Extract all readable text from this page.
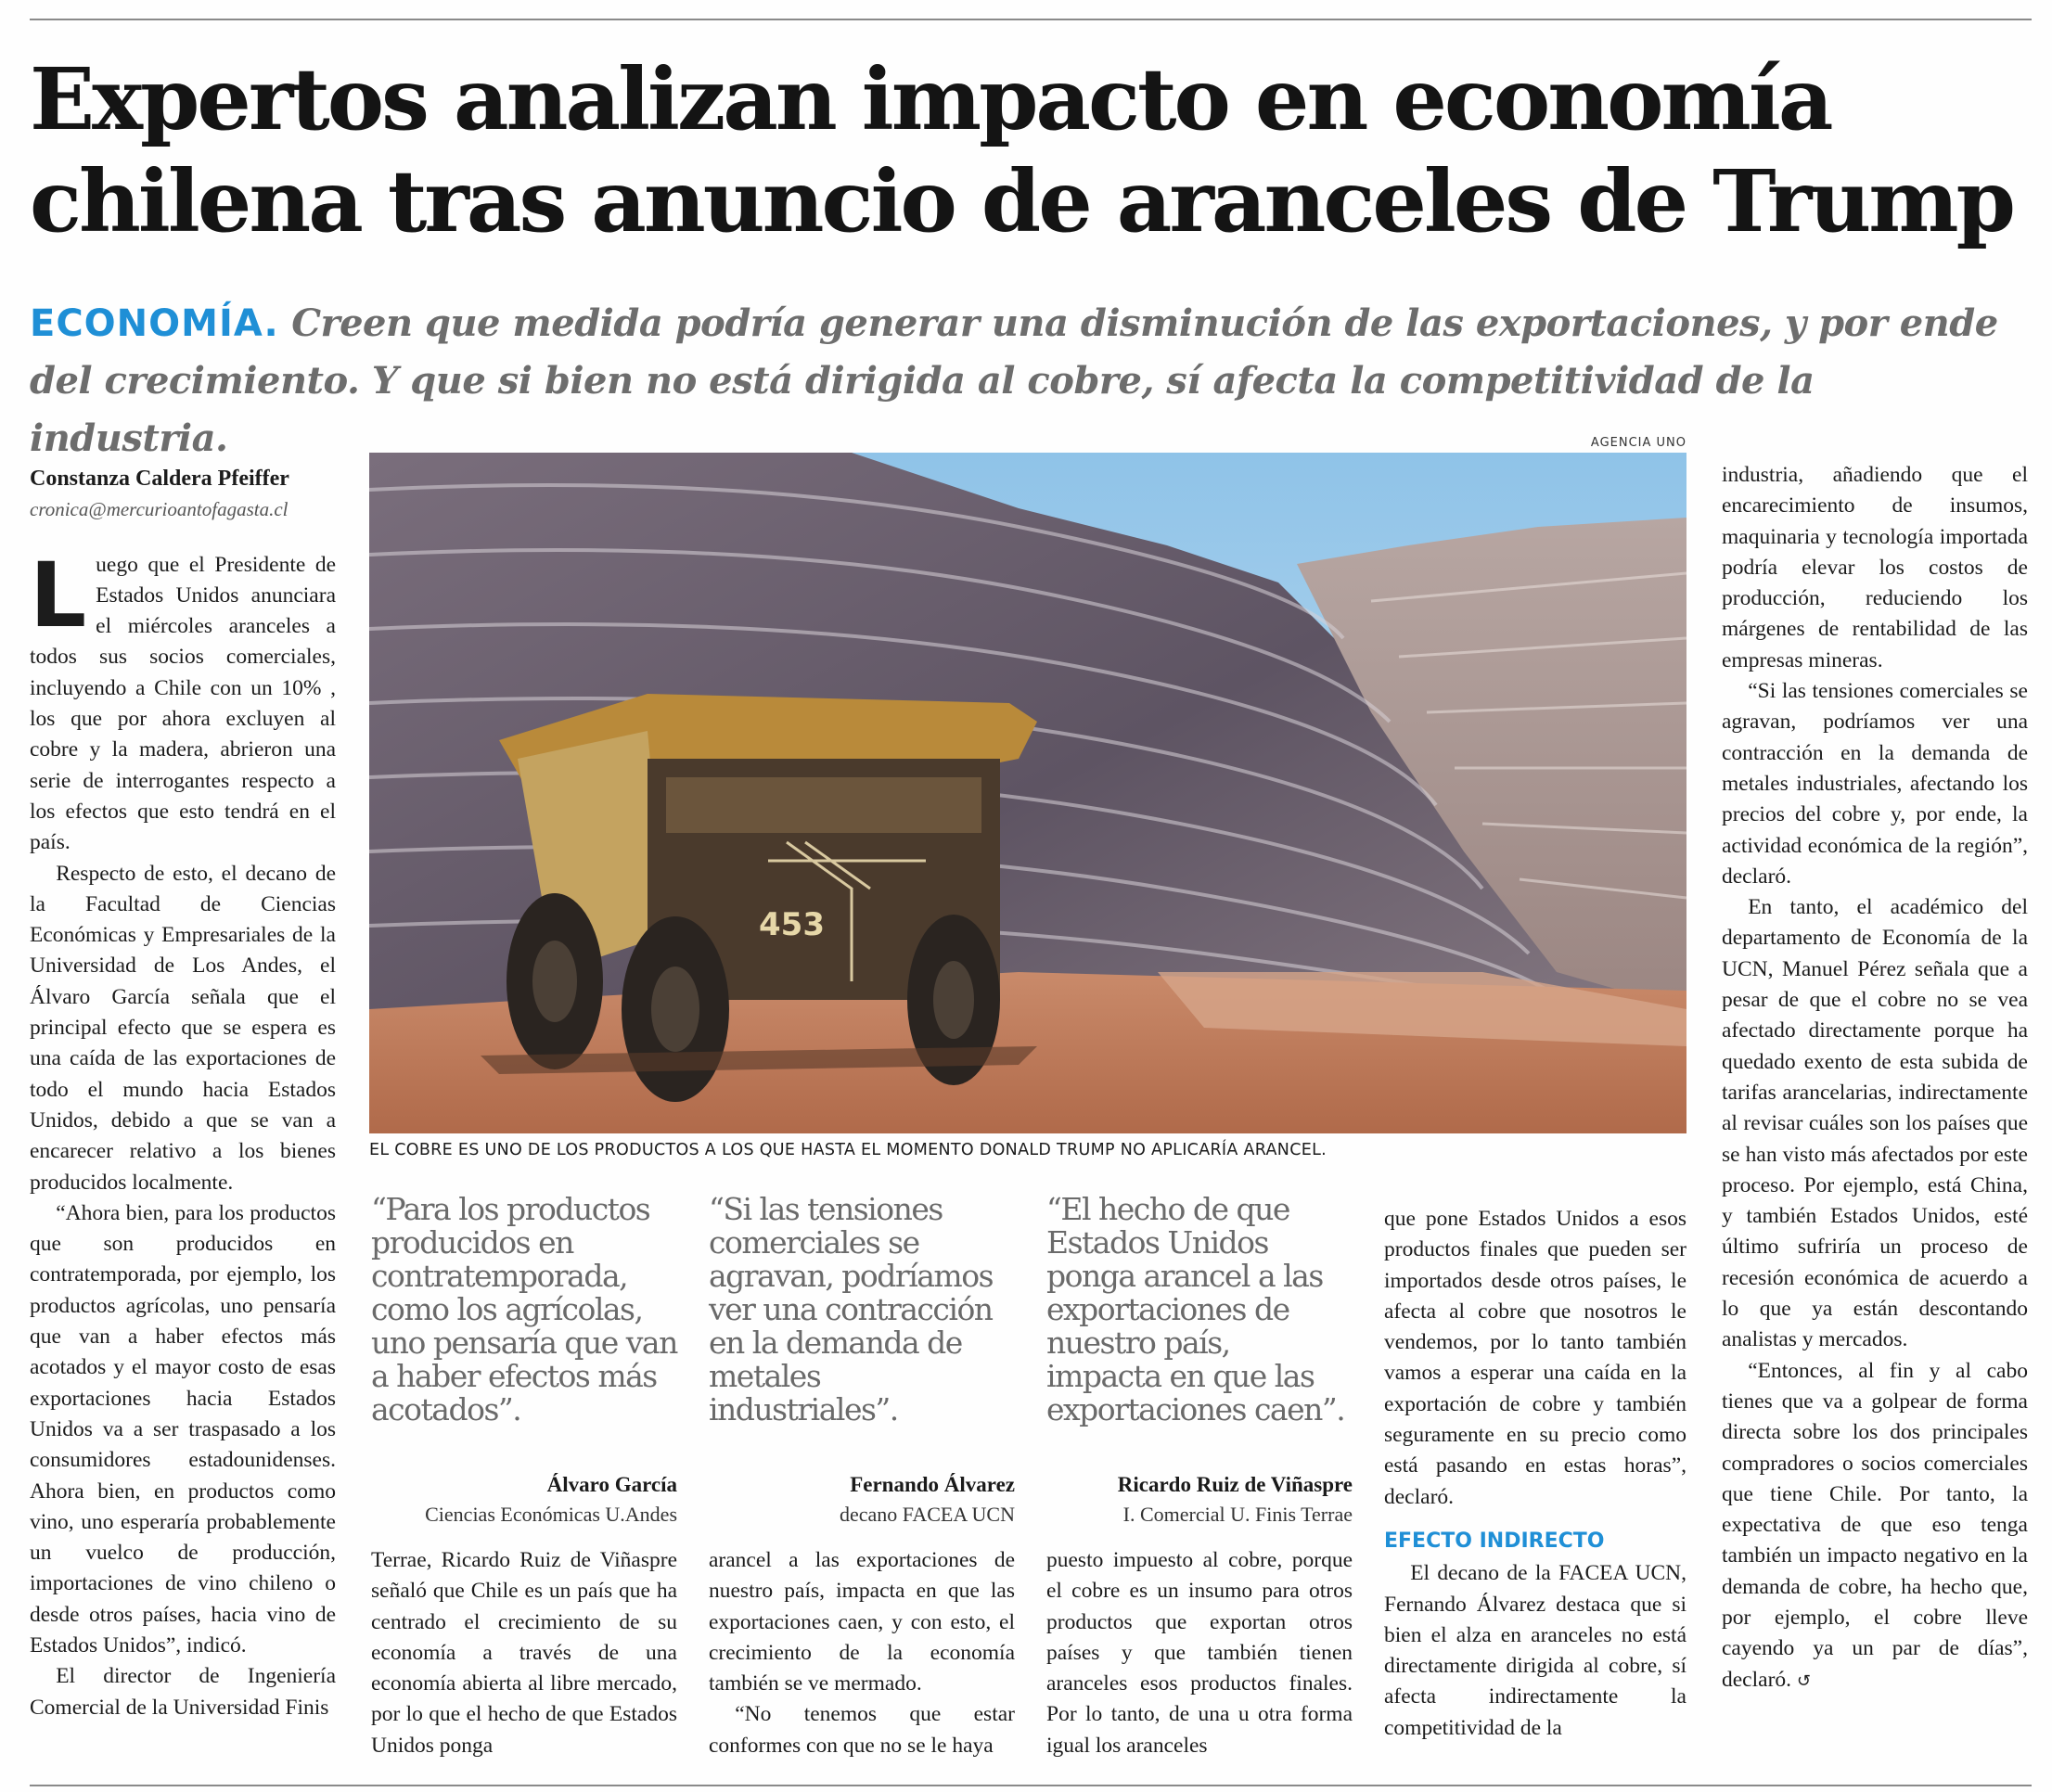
Expertos analizan impacto en economía
chilena tras anuncio de aranceles de Trump

ECONOMÍA. Creen que medida podría generar una disminución de las exportaciones, y por ende del crecimiento. Y que si bien no está dirigida al cobre, sí afecta la competitividad de la industria.

Constanza Caldera Pfeiffer
cronica@mercurioantofagasta.cl

Luego que el Presidente de Estados Unidos anunciara el miércoles aranceles a todos sus socios comerciales, incluyendo a Chile con un 10% , los que por ahora excluyen al cobre y la madera, abrieron una serie de interrogantes respecto a los efectos que esto tendrá en el país.

Respecto de esto, el decano de la Facultad de Ciencias Económicas y Empresariales de la Universidad de Los Andes, el Álvaro García señala que el principal efecto que se espera es una caída de las exportaciones de todo el mundo hacia Estados Unidos, debido a que se van a encarecer relativo a los bienes producidos localmente.

“Ahora bien, para los productos que son producidos en contratemporada, por ejemplo, los productos agrícolas, uno pensaría que van a haber efectos más acotados y el mayor costo de esas exportaciones hacia Estados Unidos va a ser traspasado a los consumidores estadounidenses. Ahora bien, en productos como vino, uno esperaría probablemente un vuelco de producción, importaciones de vino chileno o desde otros países, hacia vino de Estados Unidos”, indicó.

El director de Ingeniería Comercial de la Universidad Finis

AGENCIA UNO
453
EL COBRE ES UNO DE LOS PRODUCTOS A LOS QUE HASTA EL MOMENTO DONALD TRUMP NO APLICARÍA ARANCEL.

“Para los productos producidos en contratemporada, como los agrícolas, uno pensaría que van a haber efectos más acotados”.

Álvaro García
Ciencias Económicas U.Andes

“Si las tensiones comerciales se agravan, podríamos ver una contracción en la demanda de metales industriales”.

Fernando Álvarez
decano FACEA UCN

“El hecho de que Estados Unidos ponga arancel a las exportaciones de nuestro país, impacta en que las exportaciones caen”.

Ricardo Ruiz de Viñaspre
I. Comercial U. Finis Terrae

Terrae, Ricardo Ruiz de Viñaspre señaló que Chile es un país que ha centrado el crecimiento de su economía a través de una economía abierta al libre mercado, por lo que el hecho de que Estados Unidos ponga

arancel a las exportaciones de nuestro país, impacta en que las exportaciones caen, y con esto, el crecimiento de la economía también se ve mermado.

“No tenemos que estar conformes con que no se le haya

puesto impuesto al cobre, porque el cobre es un insumo para otros productos que exportan otros países y que también tienen aranceles esos productos finales. Por lo tanto, de una u otra forma igual los aranceles

que pone Estados Unidos a esos productos finales que pueden ser importados desde otros países, le afecta al cobre que nosotros le vendemos, por lo tanto también vamos a esperar una caída en la exportación de cobre y también seguramente en su precio como está pasando en estas horas”, declaró.

EFECTO INDIRECTO

El decano de la FACEA UCN, Fernando Álvarez destaca que si bien el alza en aranceles no está directamente dirigida al cobre, sí afecta indirectamente la competitividad de la

industria, añadiendo que el encarecimiento de insumos, maquinaria y tecnología importada podría elevar los costos de producción, reduciendo los márgenes de rentabilidad de las empresas mineras.

“Si las tensiones comerciales se agravan, podríamos ver una contracción en la demanda de metales industriales, afectando los precios del cobre y, por ende, la actividad económica de la región”, declaró.

En tanto, el académico del departamento de Economía de la UCN, Manuel Pérez señala que a pesar de que el cobre no se vea afectado directamente porque ha quedado exento de esta subida de tarifas arancelarias, indirectamente al revisar cuáles son los países que se han visto más afectados por este proceso. Por ejemplo, está China, y también Estados Unidos, esté último sufriría un proceso de recesión económica de acuerdo a lo que ya están descontando analistas y mercados.

“Entonces, al fin y al cabo tienes que va a golpear de forma directa sobre los dos principales compradores o socios comerciales que tiene Chile. Por tanto, la expectativa de que eso tenga también un impacto negativo en la demanda de cobre, ha hecho que, por ejemplo, el cobre lleve cayendo ya un par de días”, declaró. ↺
